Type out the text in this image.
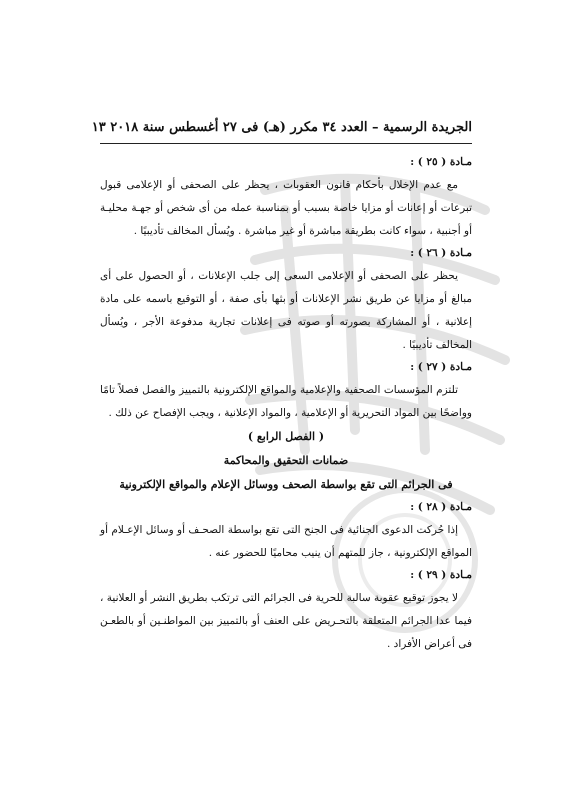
الجريدة الرسمية – العدد ٣٤ مكرر (هـ) فى ٢٧ أغسطس سنة ٢٠١٨ ١٣
مـادة ( ٢٥ ) :

مع عدم الإخلال بأحكام قانون العقوبات ، يحظر على الصحفى أو الإعلامى قبول تبرعات أو إعانات أو مزايا خاصة بسبب أو بمناسبة عمله من أى شخص أو جهـة محليـة أو أجنبية ، سواء كانت بطريقة مباشرة أو غير مباشرة . ويُسأل المخالف تأديبيًا .

مـادة ( ٢٦ ) :

يحظر على الصحفى أو الإعلامى السعى إلى جلب الإعلانات ، أو الحصول على أى مبالغ أو مزايا عن طريق نشر الإعلانات أو بثها بأى صفة ، أو التوقيع باسمه على مادة إعلانية ، أو المشاركة بصورته أو صوته فى إعلانات تجارية مدفوعة الأجر ، ويُسأل المخالف تأديبيًا .

مـادة ( ٢٧ ) :

تلتزم المؤسسات الصحفية والإعلامية والمواقع الإلكترونية بالتمييز والفصل فصلاً تامًا وواضحًا بين المواد التحريرية أو الإعلامية ، والمواد الإعلانية ، ويجب الإفصاح عن ذلك .

( الفصل الرابع )

ضمانات التحقيق والمحاكمة

فى الجرائم التى تقع بواسطة الصحف ووسائل الإعلام والمواقع الإلكترونية

مـادة ( ٢٨ ) :

إذا حُركت الدعوى الجنائية فى الجنح التى تقع بواسطة الصحـف أو وسائل الإعـلام أو المواقع الإلكترونية ، جاز للمتهم أن ينيب محاميًا للحضور عنه .

مـادة ( ٢٩ ) :

لا يجوز توقيع عقوبة سالبة للحرية فى الجرائم التى ترتكب بطريق النشر أو العلانية ، فيما عدا الجرائم المتعلقة بالتحـريض على العنف أو بالتمييز بين المواطنـين أو بالطعـن فى أعراض الأفراد .
